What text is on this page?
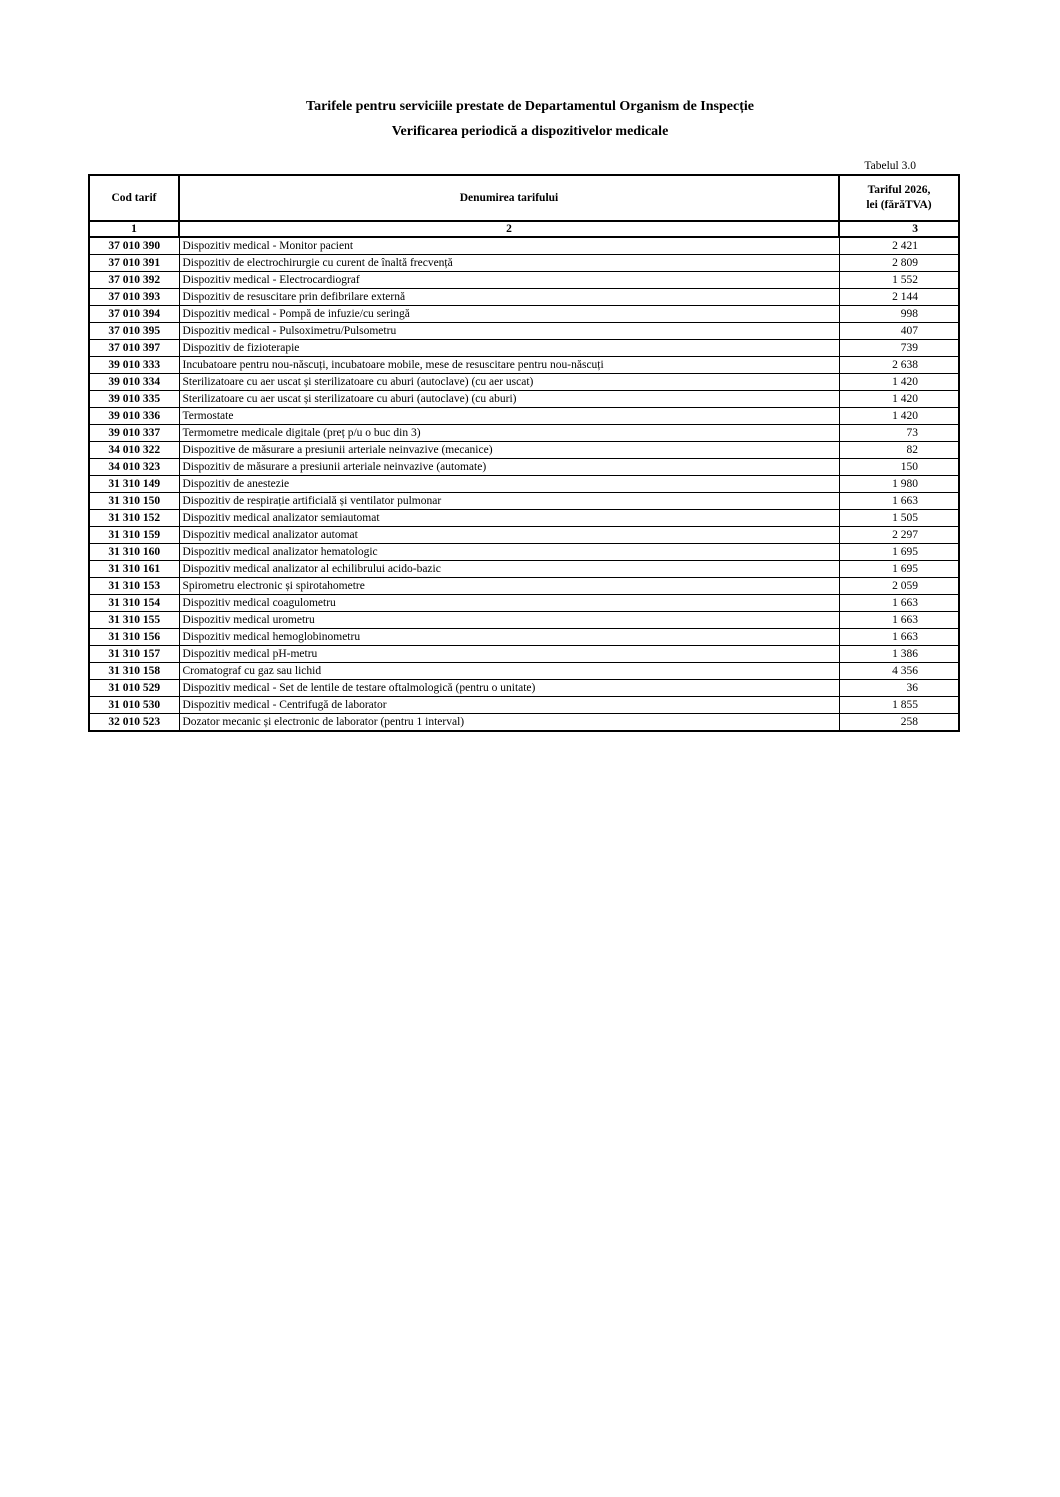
Tarifele pentru serviciile prestate de Departamentul Organism de Inspecție
Verificarea periodică a dispozitivelor medicale
Tabelul 3.0
Cod tarif	Denumirea tarifului	Tariful 2026,
lei (fărăTVA)

1	2	3
37 010 390	Dispozitiv medical - Monitor pacient	2 421
37 010 391	Dispozitiv de electrochirurgie cu curent de înaltă frecvență	2 809
37 010 392	Dispozitiv medical - Electrocardiograf	1 552
37 010 393	Dispozitiv de resuscitare prin defibrilare externă	2 144
37 010 394	Dispozitiv medical - Pompă de infuzie/cu seringă	998
37 010 395	Dispozitiv medical - Pulsoximetru/Pulsometru	407
37 010 397	Dispozitiv de fizioterapie	739
39 010 333	Incubatoare pentru nou-născuți, incubatoare mobile, mese de resuscitare pentru nou-născuți	2 638
39 010 334	Sterilizatoare cu aer uscat și sterilizatoare cu aburi (autoclave) (cu aer uscat)	1 420
39 010 335	Sterilizatoare cu aer uscat și sterilizatoare cu aburi (autoclave) (cu aburi)	1 420
39 010 336	Termostate	1 420
39 010 337	Termometre medicale digitale (preț p/u o buc din 3)	73
34 010 322	Dispozitive de măsurare a presiunii arteriale neinvazive (mecanice)	82
34 010 323	Dispozitiv de măsurare a presiunii arteriale neinvazive (automate)	150
31 310 149	Dispozitiv de anestezie	1 980
31 310 150	Dispozitiv de respirație artificială și ventilator pulmonar	1 663
31 310 152	Dispozitiv medical analizator semiautomat	1 505
31 310 159	Dispozitiv medical analizator automat	2 297
31 310 160	Dispozitiv medical analizator hematologic	1 695
31 310 161	Dispozitiv medical analizator al echilibrului acido-bazic	1 695
31 310 153	Spirometru electronic și spirotahometre	2 059
31 310 154	Dispozitiv medical coagulometru	1 663
31 310 155	Dispozitiv medical urometru	1 663
31 310 156	Dispozitiv medical hemoglobinometru	1 663
31 310 157	Dispozitiv medical pH-metru	1 386
31 310 158	Cromatograf cu gaz sau lichid	4 356
31 010 529	Dispozitiv medical - Set de lentile de testare oftalmologică (pentru o unitate)	36
31 010 530	Dispozitiv medical - Centrifugă de laborator	1 855
32 010 523	Dozator mecanic și electronic de laborator (pentru 1 interval)	258
